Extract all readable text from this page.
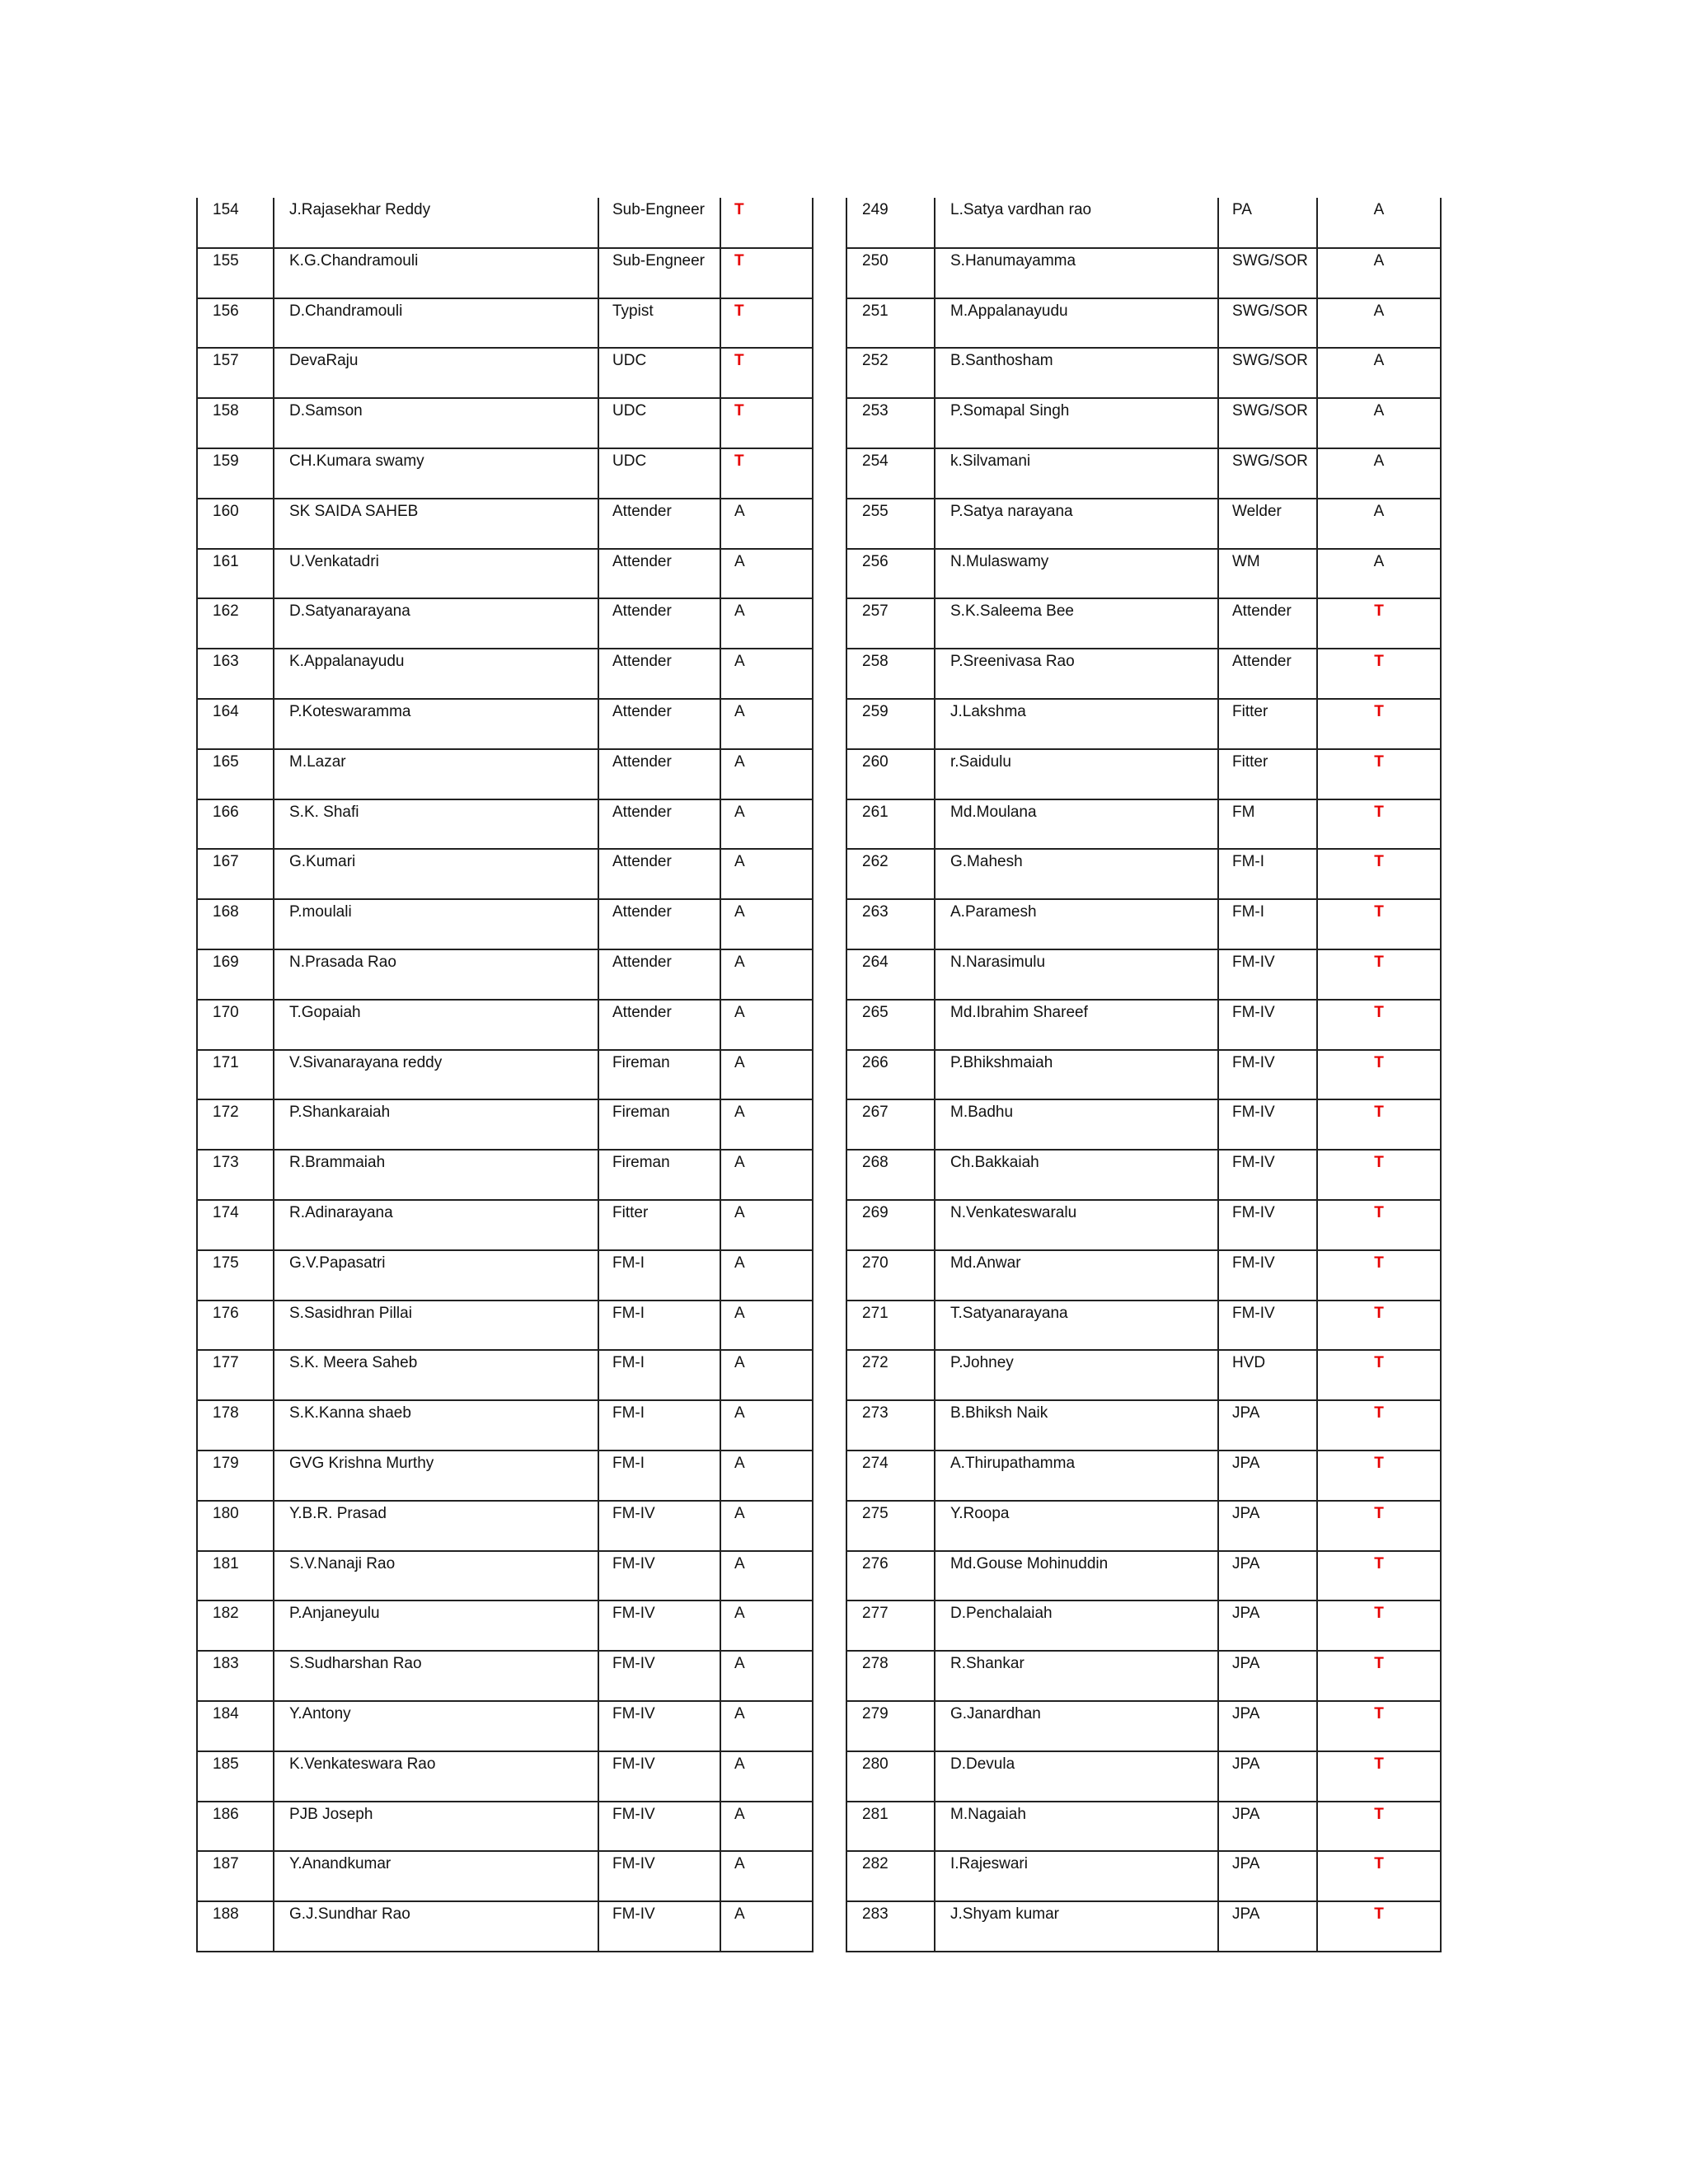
154	J.Rajasekhar Reddy	Sub-Engneer	T
155	K.G.Chandramouli	Sub-Engneer	T
156	D.Chandramouli	Typist	T
157	DevaRaju	UDC	T
158	D.Samson	UDC	T
159	CH.Kumara swamy	UDC	T
160	SK SAIDA SAHEB	Attender	A
161	U.Venkatadri	Attender	A
162	D.Satyanarayana	Attender	A
163	K.Appalanayudu	Attender	A
164	P.Koteswaramma	Attender	A
165	M.Lazar	Attender	A
166	S.K. Shafi	Attender	A
167	G.Kumari	Attender	A
168	P.moulali	Attender	A
169	N.Prasada Rao	Attender	A
170	T.Gopaiah	Attender	A
171	V.Sivanarayana reddy	Fireman	A
172	P.Shankaraiah	Fireman	A
173	R.Brammaiah	Fireman	A
174	R.Adinarayana	Fitter	A
175	G.V.Papasatri	FM-I	A
176	S.Sasidhran Pillai	FM-I	A
177	S.K. Meera Saheb	FM-I	A
178	S.K.Kanna shaeb	FM-I	A
179	GVG Krishna Murthy	FM-I	A
180	Y.B.R. Prasad	FM-IV	A
181	S.V.Nanaji Rao	FM-IV	A
182	P.Anjaneyulu	FM-IV	A
183	S.Sudharshan Rao	FM-IV	A
184	Y.Antony	FM-IV	A
185	K.Venkateswara Rao	FM-IV	A
186	PJB Joseph	FM-IV	A
187	Y.Anandkumar	FM-IV	A
188	G.J.Sundhar Rao	FM-IV	A
249	L.Satya vardhan rao	PA	A
250	S.Hanumayamma	SWG/SOR	A
251	M.Appalanayudu	SWG/SOR	A
252	B.Santhosham	SWG/SOR	A
253	P.Somapal Singh	SWG/SOR	A
254	k.Silvamani	SWG/SOR	A
255	P.Satya narayana	Welder	A
256	N.Mulaswamy	WM	A
257	S.K.Saleema Bee	Attender	T
258	P.Sreenivasa Rao	Attender	T
259	J.Lakshma	Fitter	T
260	r.Saidulu	Fitter	T
261	Md.Moulana	FM	T
262	G.Mahesh	FM-I	T
263	A.Paramesh	FM-I	T
264	N.Narasimulu	FM-IV	T
265	Md.Ibrahim Shareef	FM-IV	T
266	P.Bhikshmaiah	FM-IV	T
267	M.Badhu	FM-IV	T
268	Ch.Bakkaiah	FM-IV	T
269	N.Venkateswaralu	FM-IV	T
270	Md.Anwar	FM-IV	T
271	T.Satyanarayana	FM-IV	T
272	P.Johney	HVD	T
273	B.Bhiksh Naik	JPA	T
274	A.Thirupathamma	JPA	T
275	Y.Roopa	JPA	T
276	Md.Gouse Mohinuddin	JPA	T
277	D.Penchalaiah	JPA	T
278	R.Shankar	JPA	T
279	G.Janardhan	JPA	T
280	D.Devula	JPA	T
281	M.Nagaiah	JPA	T
282	I.Rajeswari	JPA	T
283	J.Shyam kumar	JPA	T
